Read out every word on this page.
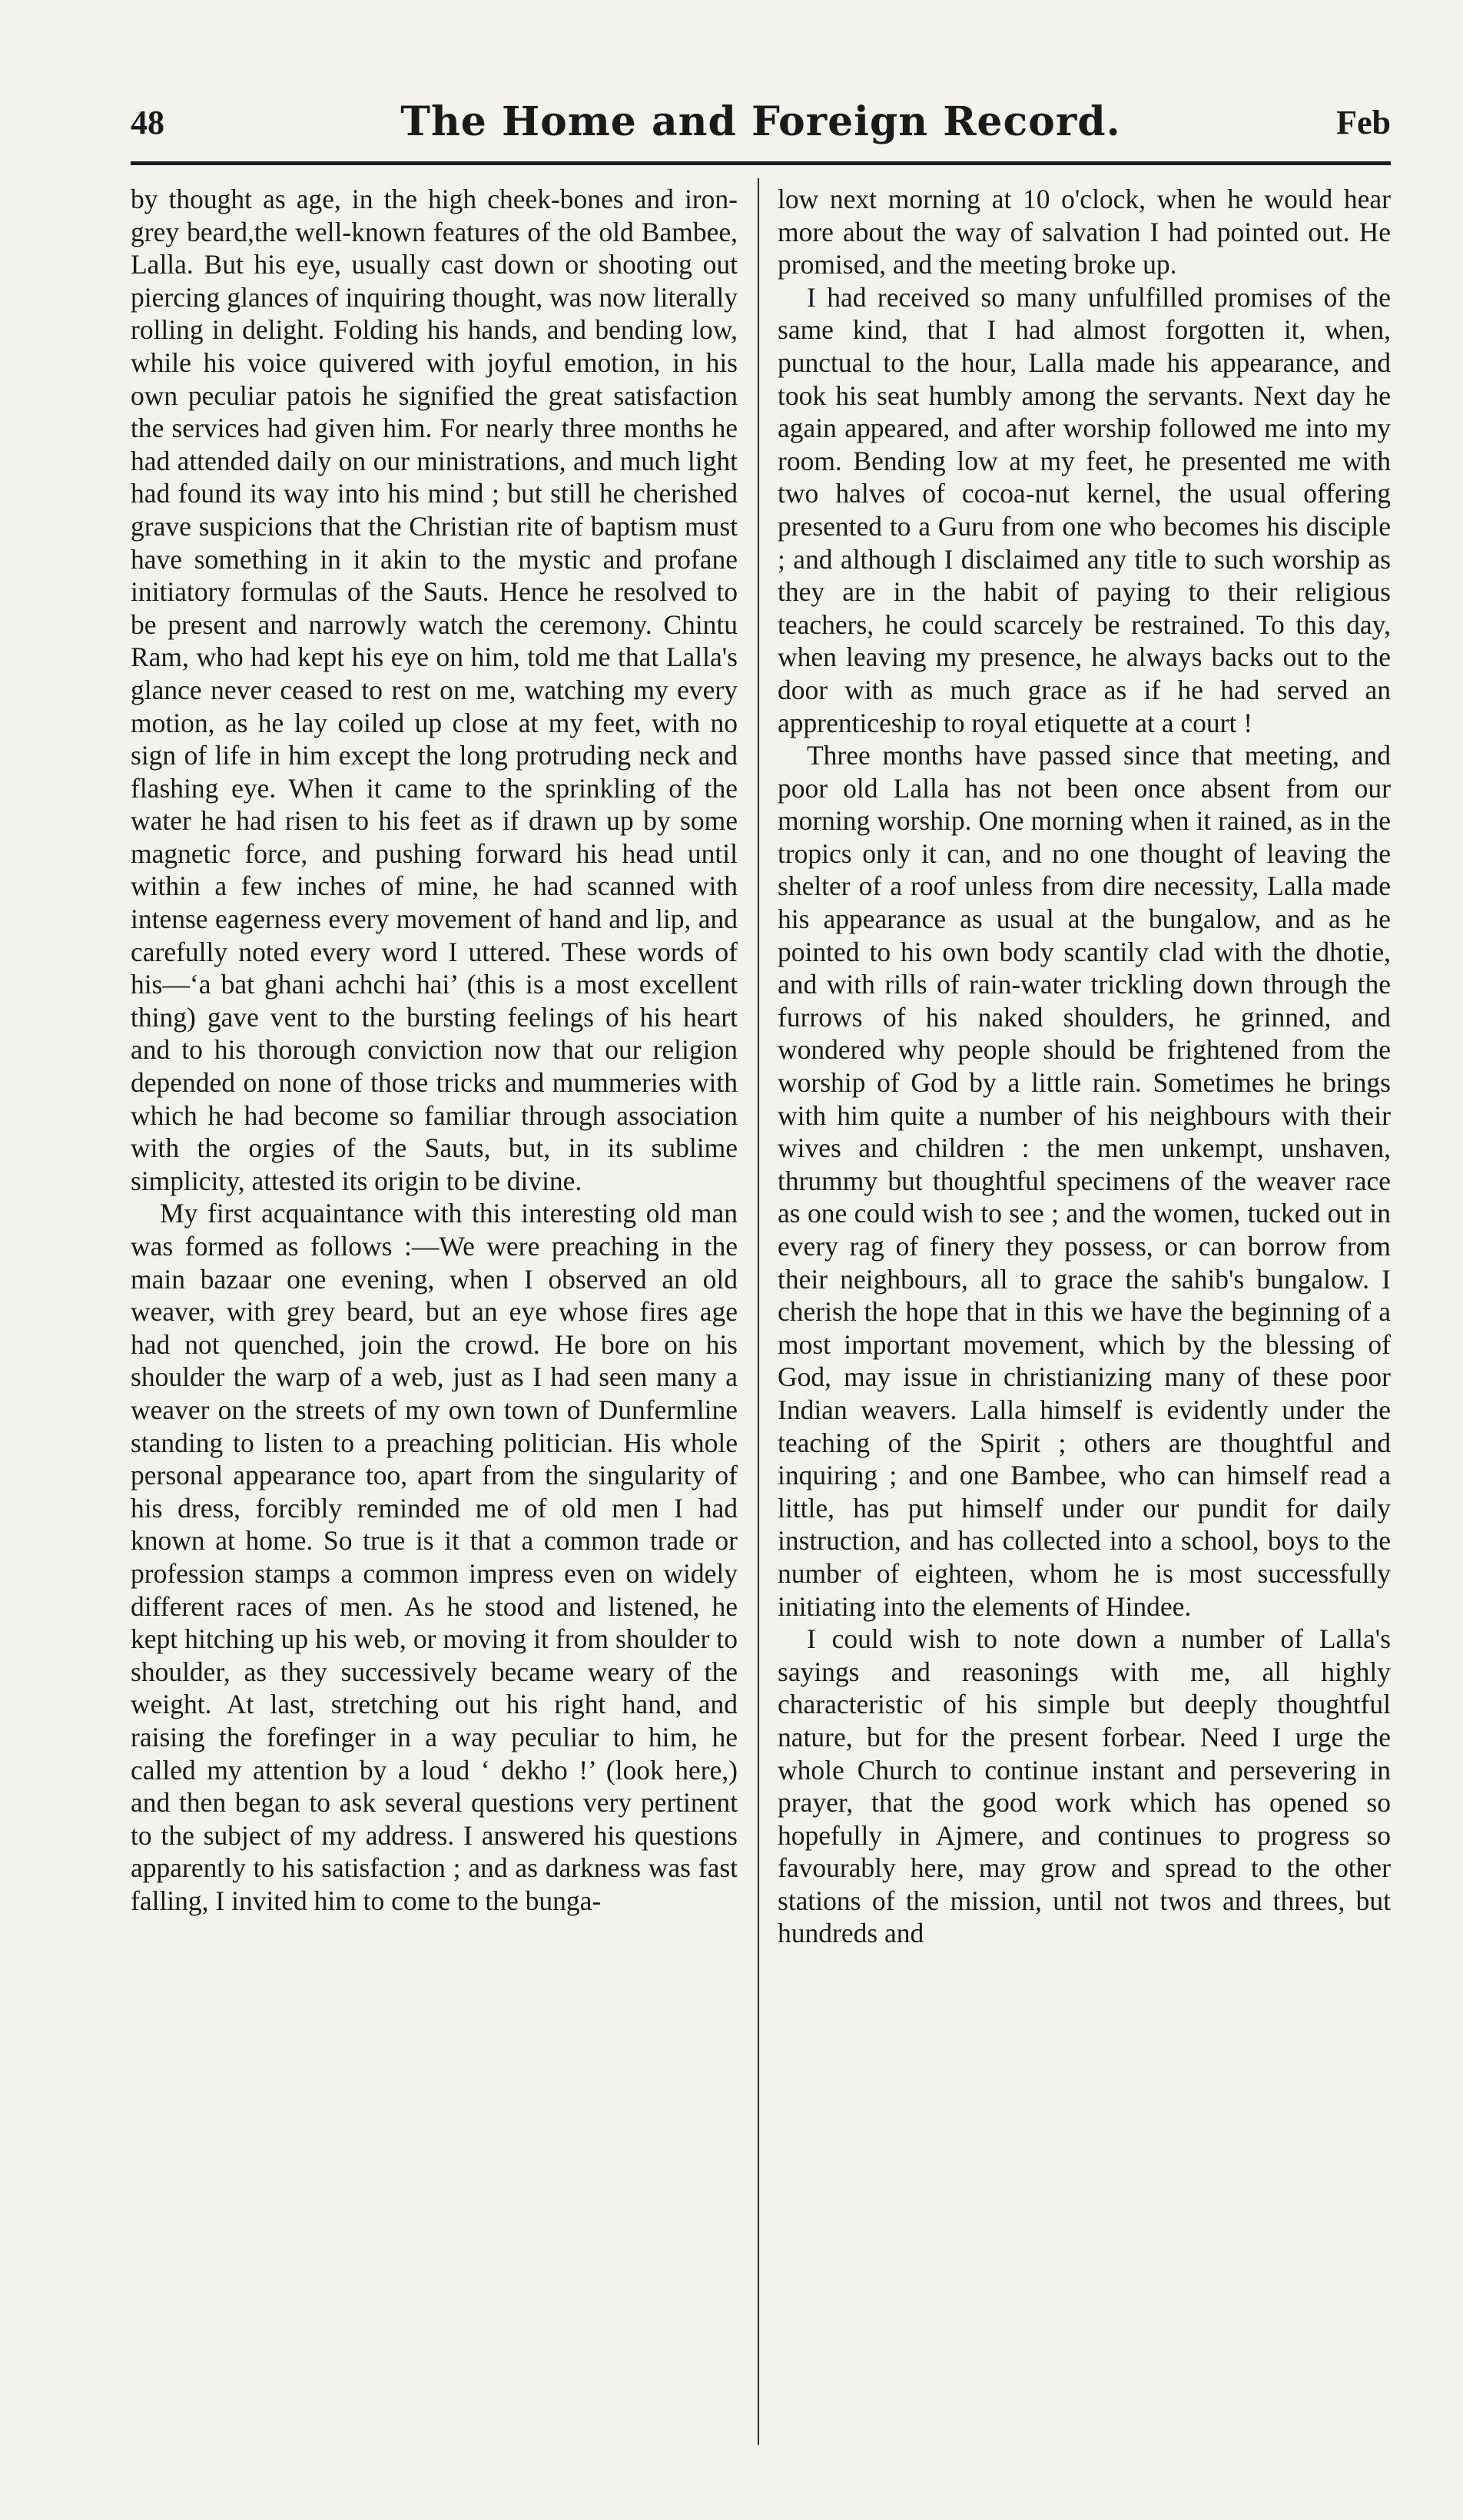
48	The Home and Foreign Record.	Feb

by thought as age, in the high cheek-bones and iron-grey beard,the well-known features of the old Bambee, Lalla. But his eye, usually cast down or shooting out piercing glances of inquiring thought, was now literally rolling in delight. Folding his hands, and bending low, while his voice quivered with joyful emotion, in his own peculiar patois he signified the great satisfaction the services had given him. For nearly three months he had attended daily on our ministrations, and much light had found its way into his mind ; but still he cherished grave suspicions that the Christian rite of baptism must have something in it akin to the mystic and profane initiatory formulas of the Sauts. Hence he resolved to be present and narrowly watch the ceremony. Chintu Ram, who had kept his eye on him, told me that Lalla's glance never ceased to rest on me, watching my every motion, as he lay coiled up close at my feet, with no sign of life in him except the long protruding neck and flashing eye. When it came to the sprinkling of the water he had risen to his feet as if drawn up by some magnetic force, and pushing forward his head until within a few inches of mine, he had scanned with intense eagerness every movement of hand and lip, and carefully noted every word I uttered. These words of his—‘a bat ghani achchi hai’ (this is a most excellent thing) gave vent to the bursting feelings of his heart and to his thorough conviction now that our religion depended on none of those tricks and mummeries with which he had become so familiar through association with the orgies of the Sauts, but, in its sublime simplicity, attested its origin to be divine.

My first acquaintance with this interesting old man was formed as follows :—We were preaching in the main bazaar one evening, when I observed an old weaver, with grey beard, but an eye whose fires age had not quenched, join the crowd. He bore on his shoulder the warp of a web, just as I had seen many a weaver on the streets of my own town of Dunfermline standing to listen to a preaching politician. His whole personal appearance too, apart from the singularity of his dress, forcibly reminded me of old men I had known at home. So true is it that a common trade or profession stamps a common impress even on widely different races of men. As he stood and listened, he kept hitching up his web, or moving it from shoulder to shoulder, as they successively became weary of the weight. At last, stretching out his right hand, and raising the forefinger in a way peculiar to him, he called my attention by a loud ‘ dekho !’ (look here,) and then began to ask several questions very pertinent to the subject of my address. I answered his questions apparently to his satisfaction ; and as darkness was fast falling, I invited him to come to the bunga-

low next morning at 10 o'clock, when he would hear more about the way of salvation I had pointed out. He promised, and the meeting broke up.

I had received so many unfulfilled promises of the same kind, that I had almost forgotten it, when, punctual to the hour, Lalla made his appearance, and took his seat humbly among the servants. Next day he again appeared, and after worship followed me into my room. Bending low at my feet, he presented me with two halves of cocoa-nut kernel, the usual offering presented to a Guru from one who becomes his disciple ; and although I disclaimed any title to such worship as they are in the habit of paying to their religious teachers, he could scarcely be restrained. To this day, when leaving my presence, he always backs out to the door with as much grace as if he had served an apprenticeship to royal etiquette at a court !

Three months have passed since that meeting, and poor old Lalla has not been once absent from our morning worship. One morning when it rained, as in the tropics only it can, and no one thought of leaving the shelter of a roof unless from dire necessity, Lalla made his appearance as usual at the bungalow, and as he pointed to his own body scantily clad with the dhotie, and with rills of rain-water trickling down through the furrows of his naked shoulders, he grinned, and wondered why people should be frightened from the worship of God by a little rain. Sometimes he brings with him quite a number of his neighbours with their wives and children : the men unkempt, unshaven, thrummy but thoughtful specimens of the weaver race as one could wish to see ; and the women, tucked out in every rag of finery they possess, or can borrow from their neighbours, all to grace the sahib's bungalow. I cherish the hope that in this we have the beginning of a most important movement, which by the blessing of God, may issue in christianizing many of these poor Indian weavers. Lalla himself is evidently under the teaching of the Spirit ; others are thoughtful and inquiring ; and one Bambee, who can himself read a little, has put himself under our pundit for daily instruction, and has collected into a school, boys to the number of eighteen, whom he is most successfully initiating into the elements of Hindee.

I could wish to note down a number of Lalla's sayings and reasonings with me, all highly characteristic of his simple but deeply thoughtful nature, but for the present forbear. Need I urge the whole Church to continue instant and persevering in prayer, that the good work which has opened so hopefully in Ajmere, and continues to progress so favourably here, may grow and spread to the other stations of the mission, until not twos and threes, but hundreds and
